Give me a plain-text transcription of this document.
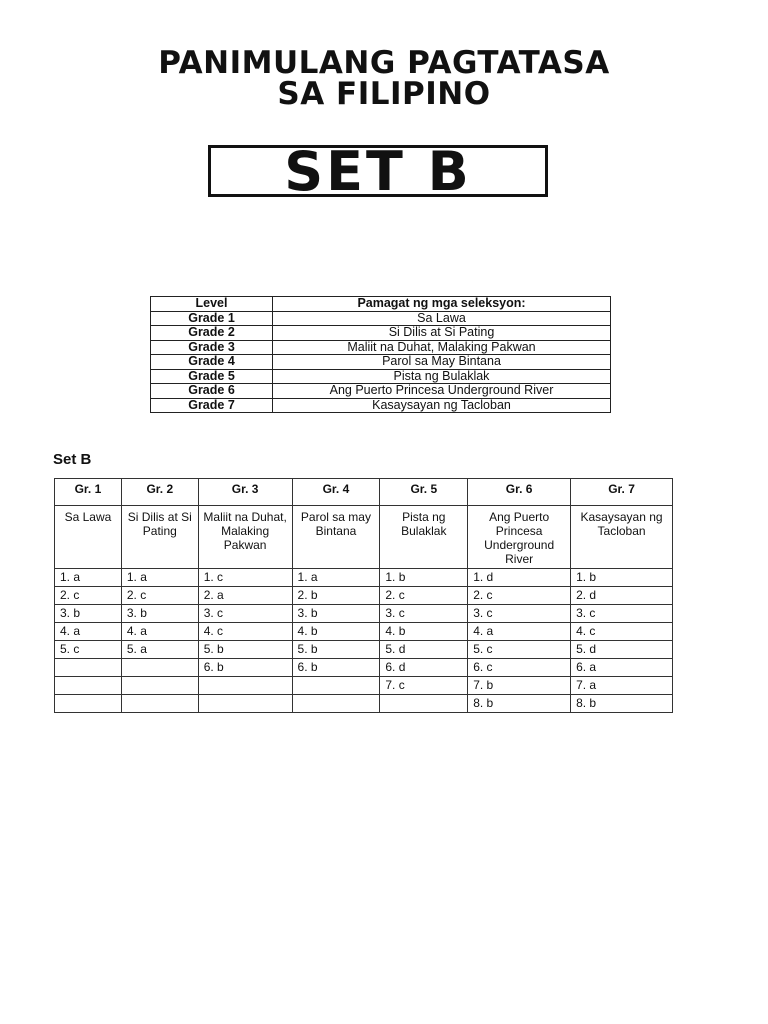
PANIMULANG PAGTATASA
SA FILIPINO
SET B
Level	Pamagat ng mga seleksyon:
Grade 1	Sa Lawa
Grade 2	Si Dilis at Si Pating
Grade 3	Maliit na Duhat, Malaking Pakwan
Grade 4	Parol sa May Bintana
Grade 5	Pista ng Bulaklak
Grade 6	Ang Puerto Princesa Underground River
Grade 7	Kasaysayan ng Tacloban
Set B
Gr. 1	Gr. 2	Gr. 3	Gr. 4	Gr. 5	Gr. 6	Gr. 7
Sa Lawa	Si Dilis at Si Pating	Maliit na Duhat, Malaking Pakwan	Parol sa may Bintana	Pista ng Bulaklak	Ang Puerto Princesa Underground River	Kasaysayan ng Tacloban
1. a	1. a	1. c	1. a	1. b	1. d	1. b
2. c	2. c	2. a	2. b	2. c	2. c	2. d
3. b	3. b	3. c	3. b	3. c	3. c	3. c
4. a	4. a	4. c	4. b	4. b	4. a	4. c
5. c	5. a	5. b	5. b	5. d	5. c	5. d
		6. b	6. b	6. d	6. c	6. a
				7. c	7. b	7. a
					8. b	8. b
